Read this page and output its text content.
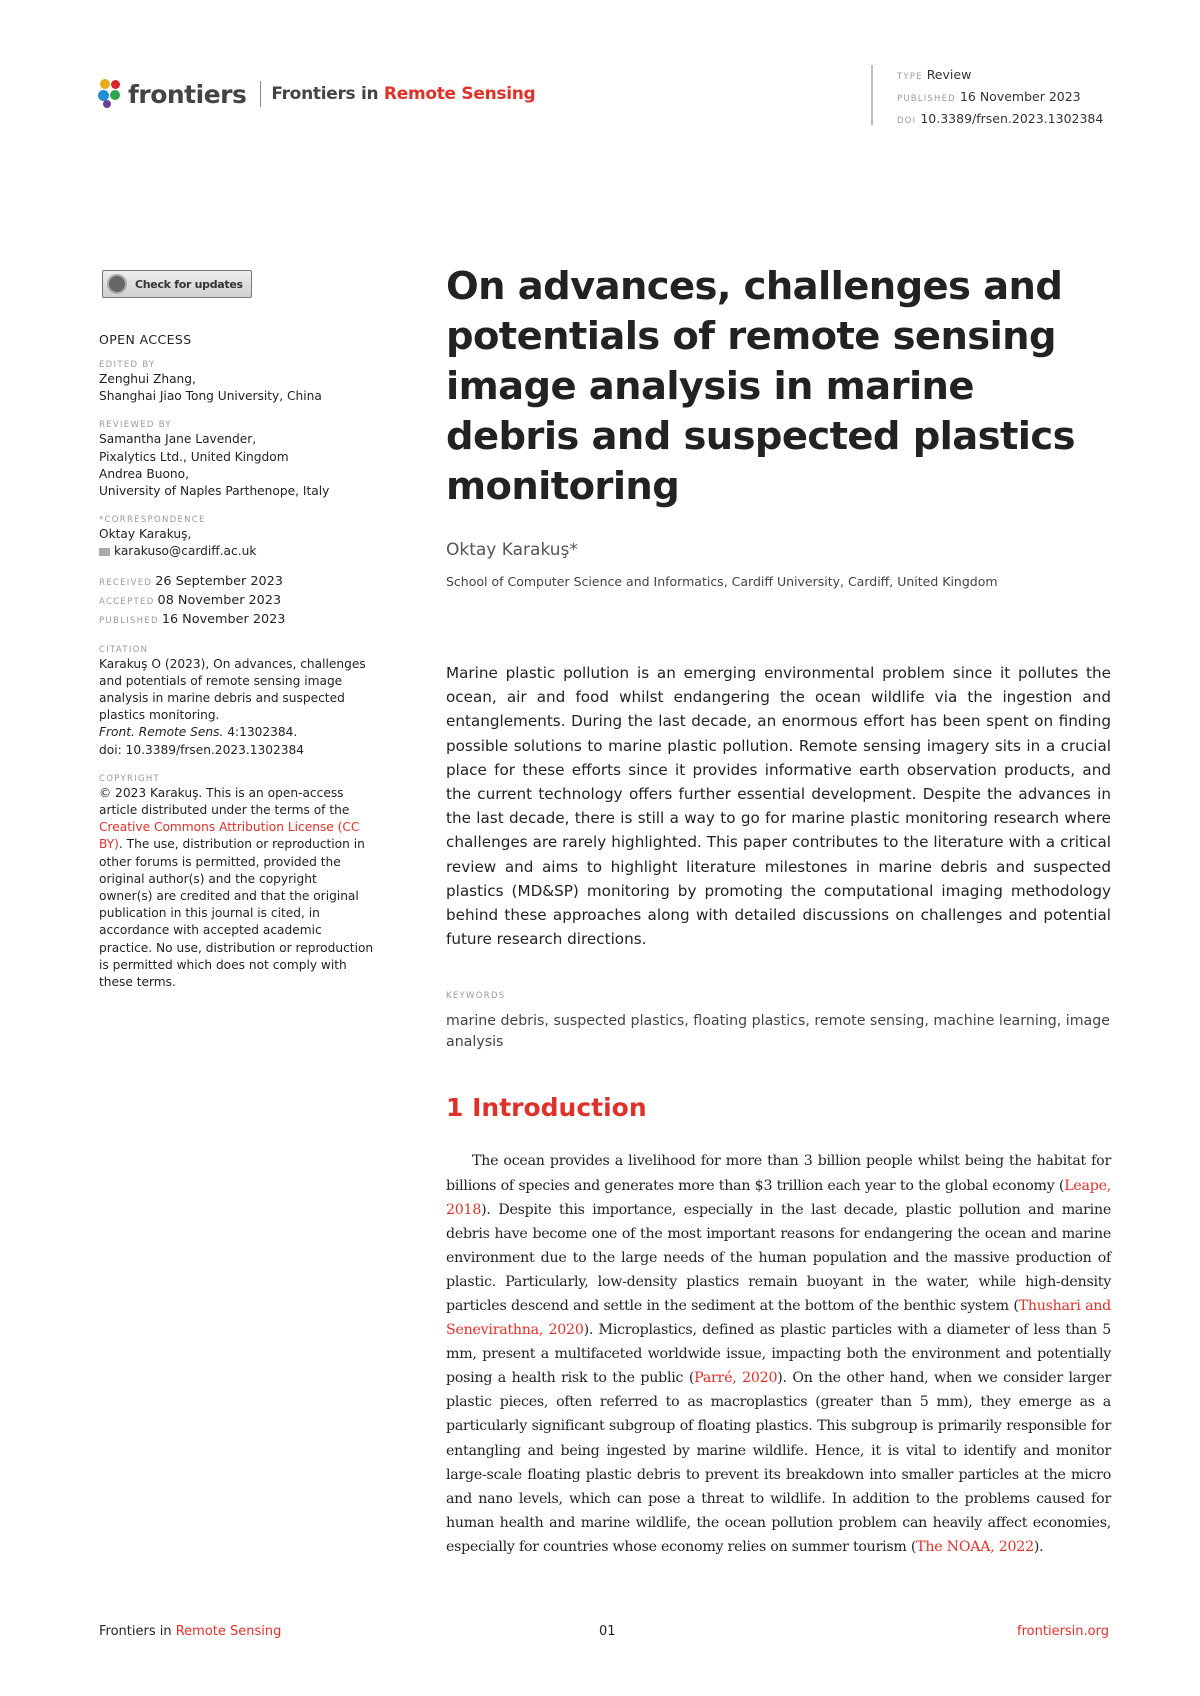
frontiers Frontiers in Remote Sensing
TYPE Review
PUBLISHED 16 November 2023
DOI 10.3389/frsen.2023.1302384
Check for updates
OPEN ACCESS
EDITED BY
Zenghui Zhang,
Shanghai Jiao Tong University, China
REVIEWED BY
Samantha Jane Lavender,
Pixalytics Ltd., United Kingdom
Andrea Buono,
University of Naples Parthenope, Italy
*CORRESPONDENCE
Oktay Karakuş,
karakuso@cardiff.ac.uk
RECEIVED 26 September 2023
ACCEPTED 08 November 2023
PUBLISHED 16 November 2023
CITATION
Karakuş O (2023), On advances, challenges and potentials of remote sensing image analysis in marine debris and suspected plastics monitoring.
Front. Remote Sens. 4:1302384.
doi: 10.3389/frsen.2023.1302384
COPYRIGHT
© 2023 Karakuş. This is an open-access article distributed under the terms of the Creative Commons Attribution License (CC BY). The use, distribution or reproduction in other forums is permitted, provided the original author(s) and the copyright owner(s) are credited and that the original publication in this journal is cited, in accordance with accepted academic practice. No use, distribution or reproduction is permitted which does not comply with these terms.
On advances, challenges and potentials of remote sensing image analysis in marine debris and suspected plastics monitoring
Oktay Karakuş*
School of Computer Science and Informatics, Cardiff University, Cardiff, United Kingdom

Marine plastic pollution is an emerging environmental problem since it pollutes the ocean, air and food whilst endangering the ocean wildlife via the ingestion and entanglements. During the last decade, an enormous effort has been spent on finding possible solutions to marine plastic pollution. Remote sensing imagery sits in a crucial place for these efforts since it provides informative earth observation products, and the current technology offers further essential development. Despite the advances in the last decade, there is still a way to go for marine plastic monitoring research where challenges are rarely highlighted. This paper contributes to the literature with a critical review and aims to highlight literature milestones in marine debris and suspected plastics (MD&SP) monitoring by promoting the computational imaging methodology behind these approaches along with detailed discussions on challenges and potential future research directions.

KEYWORDS
marine debris, suspected plastics, floating plastics, remote sensing, machine learning, image analysis
1 Introduction

The ocean provides a livelihood for more than 3 billion people whilst being the habitat for billions of species and generates more than $3 trillion each year to the global economy (Leape, 2018). Despite this importance, especially in the last decade, plastic pollution and marine debris have become one of the most important reasons for endangering the ocean and marine environment due to the large needs of the human population and the massive production of plastic. Particularly, low-density plastics remain buoyant in the water, while high-density particles descend and settle in the sediment at the bottom of the benthic system (Thushari and Senevirathna, 2020). Microplastics, defined as plastic particles with a diameter of less than 5 mm, present a multifaceted worldwide issue, impacting both the environment and potentially posing a health risk to the public (Parré, 2020). On the other hand, when we consider larger plastic pieces, often referred to as macroplastics (greater than 5 mm), they emerge as a particularly significant subgroup of floating plastics. This subgroup is primarily responsible for entangling and being ingested by marine wildlife. Hence, it is vital to identify and monitor large-scale floating plastic debris to prevent its breakdown into smaller particles at the micro and nano levels, which can pose a threat to wildlife. In addition to the problems caused for human health and marine wildlife, the ocean pollution problem can heavily affect economies, especially for countries whose economy relies on summer tourism (The NOAA, 2022).

Frontiers in Remote Sensing	01	frontiersin.org
